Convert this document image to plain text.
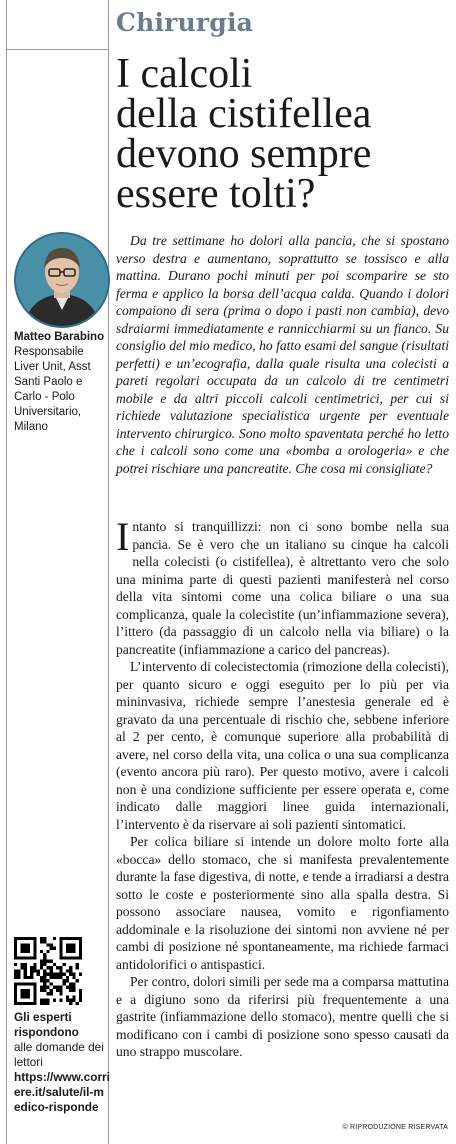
Chirurgia
I calcoli
della cistifellea
devono sempre
essere tolti?
Matteo Barabino
Responsabile Liver Unit, Asst Santi Paolo e Carlo - Polo Universitario, Milano

Da tre settimane ho dolori alla pancia, che si spostano verso destra e aumentano, soprattutto se tossisco e alla mattina. Durano pochi minuti per poi scomparire se sto ferma e applico la borsa dell’acqua calda. Quando i dolori compaiono di sera (prima o dopo i pasti non cambia), devo sdraiarmi immediatamente e rannicchiarmi su un fianco. Su consiglio del mio medico, ho fatto esami del sangue (risultati perfetti) e un’ecografia, dalla quale risulta una colecisti a pareti regolari occupata da un calcolo di tre centimetri mobile e da altri piccoli calcoli centimetrici, per cui si richiede valutazione specialistica urgente per eventuale intervento chirurgico. Sono molto spaventata perché ho letto che i calcoli sono come una «bomba a orologeria» e che potrei rischiare una pancreatite. Che cosa mi consigliate?

Intanto si tranquillizzi: non ci sono bombe nella sua pancia. Se è vero che un italiano su cinque ha calcoli nella colecisti (o cistifellea), è altrettanto vero che solo una minima parte di questi pazienti manifesterà nel corso della vita sintomi come una colica biliare o una sua complicanza, quale la colecistite (un’infiammazione severa), l’ittero (da passaggio di un calcolo nella via biliare) o la pancreatite (infiammazione a carico del pancreas).

L’intervento di colecistectomia (rimozione della colecisti), per quanto sicuro e oggi eseguito per lo più per via mininvasiva, richiede sempre l’anestesia generale ed è gravato da una percentuale di rischio che, sebbene inferiore al 2 per cento, è comunque superiore alla probabilità di avere, nel corso della vita, una colica o una sua complicanza (evento ancora più raro). Per questo motivo, avere i calcoli non è una condizione sufficiente per essere operata e, come indicato dalle maggiori linee guida internazionali, l’intervento è da riservare ai soli pazienti sintomatici.

Per colica biliare si intende un dolore molto forte alla «bocca» dello stomaco, che si manifesta prevalentemente durante la fase digestiva, di notte, e tende a irradiarsi a destra sotto le coste e posteriormente sino alla spalla destra. Si possono associare nausea, vomito e rigonfiamento addominale e la risoluzione dei sintomi non avviene né per cambi di posizione né spontaneamente, ma richiede farmaci antidolorifici o antispastici.

Per contro, dolori simili per sede ma a comparsa mattutina e a digiuno sono da riferirsi più frequentemente a una gastrite (infiammazione dello stomaco), mentre quelli che si modificano con i cambi di posizione sono spesso causati da uno strappo muscolare.

Gli esperti rispondono
alle domande dei lettori
https://www.corriere.it/salute/il-medico-risponde
© RIPRODUZIONE RISERVATA
